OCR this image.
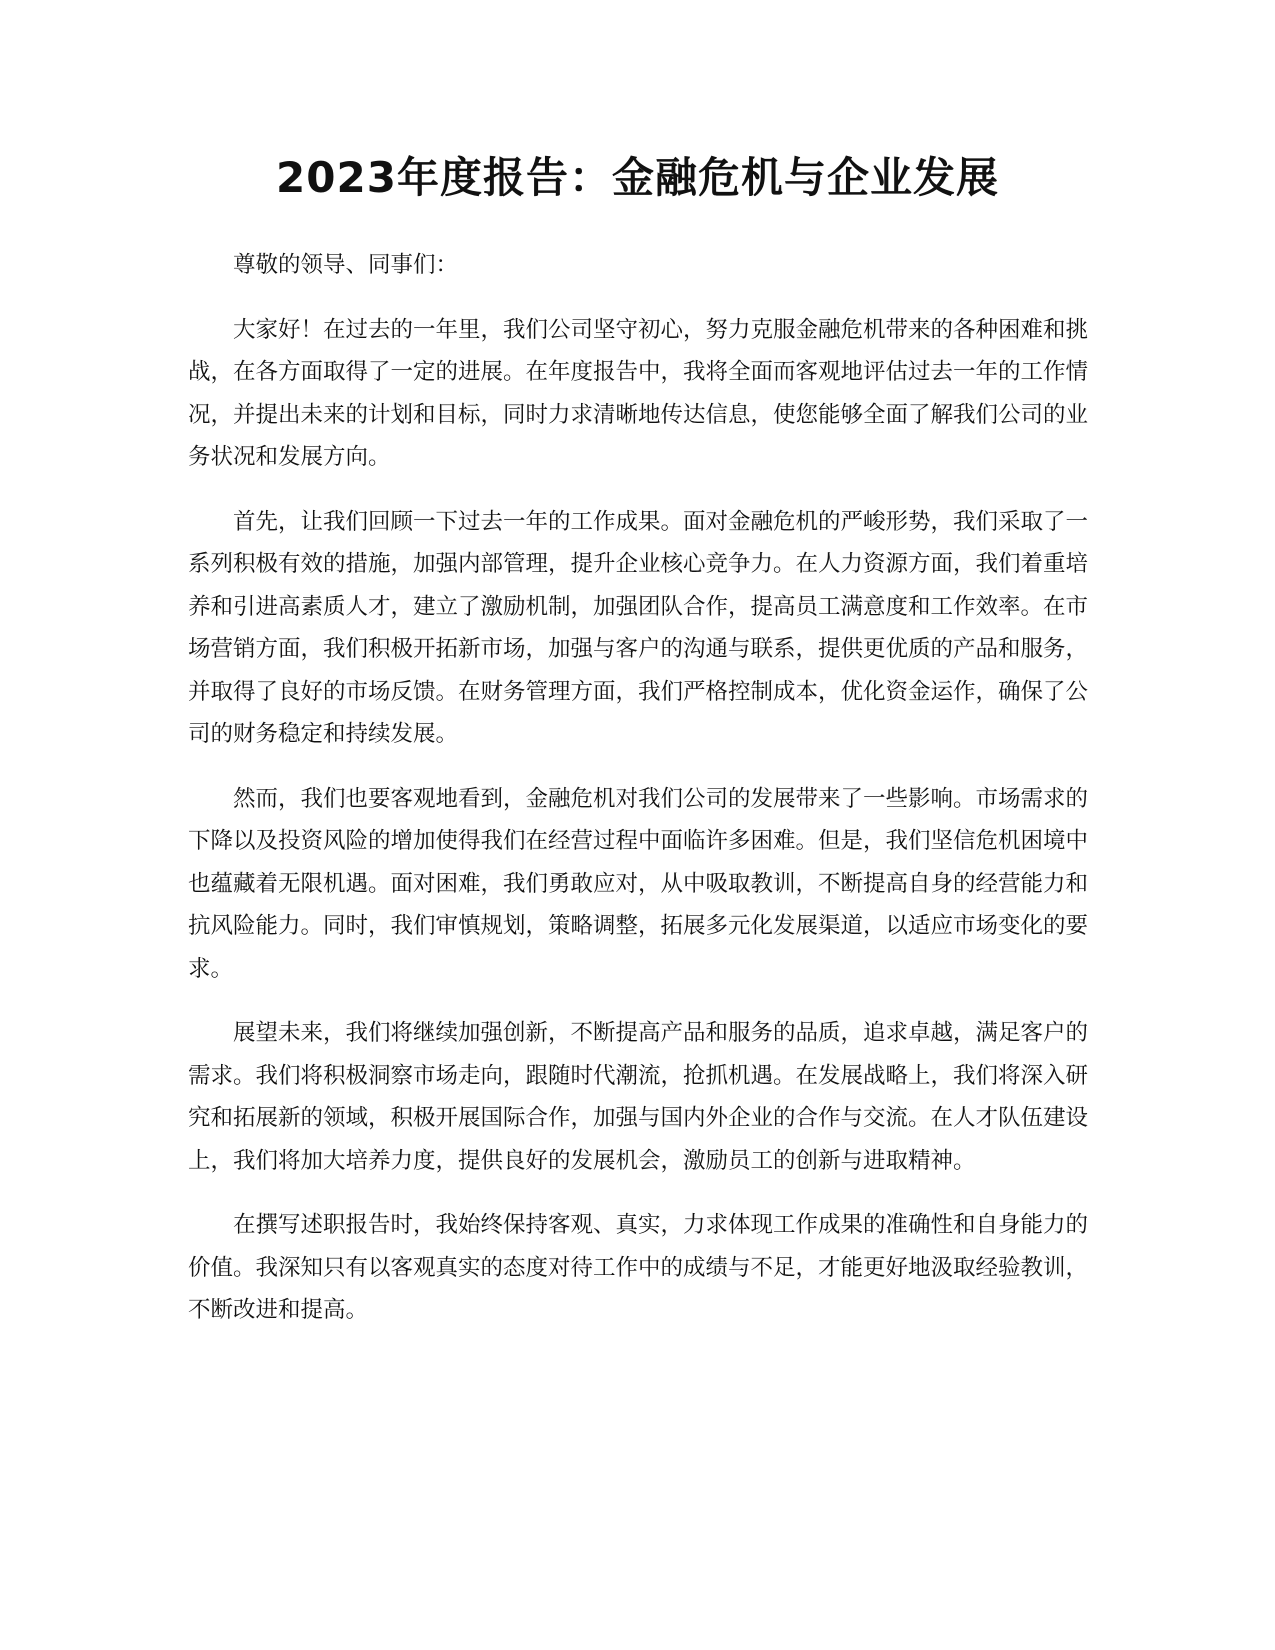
2023年度报告：金融危机与企业发展

尊敬的领导、同事们：

大家好！在过去的一年里，我们公司坚守初心，努力克服金融危机带来的各种困难和挑战，在各方面取得了一定的进展。在年度报告中，我将全面而客观地评估过去一年的工作情况，并提出未来的计划和目标，同时力求清晰地传达信息，使您能够全面了解我们公司的业务状况和发展方向。

首先，让我们回顾一下过去一年的工作成果。面对金融危机的严峻形势，我们采取了一系列积极有效的措施，加强内部管理，提升企业核心竞争力。在人力资源方面，我们着重培养和引进高素质人才，建立了激励机制，加强团队合作，提高员工满意度和工作效率。在市场营销方面，我们积极开拓新市场，加强与客户的沟通与联系，提供更优质的产品和服务，并取得了良好的市场反馈。在财务管理方面，我们严格控制成本，优化资金运作，确保了公司的财务稳定和持续发展。

然而，我们也要客观地看到，金融危机对我们公司的发展带来了一些影响。市场需求的下降以及投资风险的增加使得我们在经营过程中面临许多困难。但是，我们坚信危机困境中也蕴藏着无限机遇。面对困难，我们勇敢应对，从中吸取教训，不断提高自身的经营能力和抗风险能力。同时，我们审慎规划，策略调整，拓展多元化发展渠道，以适应市场变化的要求。

展望未来，我们将继续加强创新，不断提高产品和服务的品质，追求卓越，满足客户的需求。我们将积极洞察市场走向，跟随时代潮流，抢抓机遇。在发展战略上，我们将深入研究和拓展新的领域，积极开展国际合作，加强与国内外企业的合作与交流。在人才队伍建设上，我们将加大培养力度，提供良好的发展机会，激励员工的创新与进取精神。

在撰写述职报告时，我始终保持客观、真实，力求体现工作成果的准确性和自身能力的价值。我深知只有以客观真实的态度对待工作中的成绩与不足，才能更好地汲取经验教训，不断改进和提高。
